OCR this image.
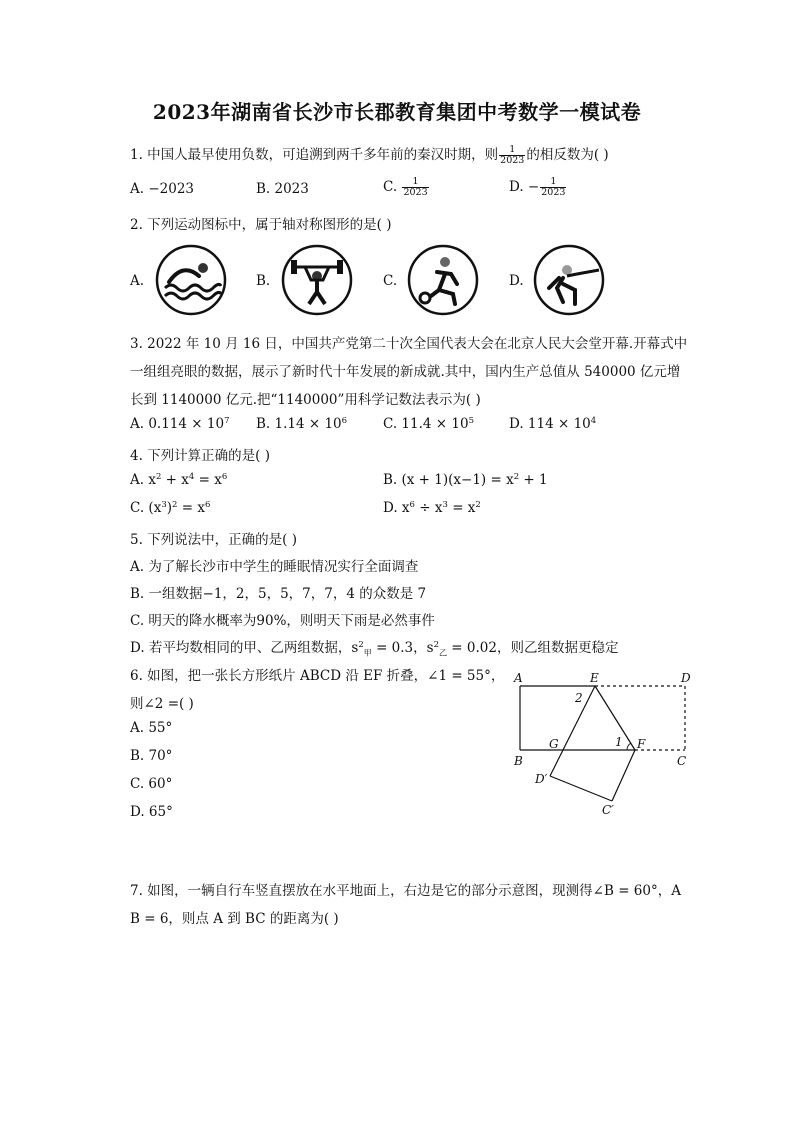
2023年湖南省长沙市长郡教育集团中考数学一模试卷
1. 中国人最早使用负数，可追溯到两千多年前的秦汉时期，则 $\frac{1}{2023}$ 的相反数为( )
A. −2023	B. 2023	C. $\frac{1}{2023}$	D. − $\frac{1}{2023}$
2. 下列运动图标中，属于轴对称图形的是( )
A.	B.	C.	D.
3. 2022 年 10 月 16 日，中国共产党第二十次全国代表大会在北京人民大会堂开幕.开幕式中
一组组亮眼的数据，展示了新时代十年发展的新成就.其中，国内生产总值从 540000 亿元增
长到 1140000 亿元.把“1140000”用科学记数法表示为( )
A. $0.114 \times 10^7$ B. $1.14 \times 10^6$	C. $11.4 \times 10^5$	D. $114 \times 10^4$
4. 下列计算正确的是( )
A. $x^2 + x^4 = x^6$	B. $(x + 1)(x-1) = x^2 + 1$
C. $(x^3)^2 = x^6$	D. $x^6 \div x^3 = x^2$
5. 下列说法中，正确的是( )
A. 为了解长沙市中学生的睡眠情况实行全面调查
B. 一组数据−1，2，5，5，7，7，4 的众数是 7
C. 明天的降水概率为90%，则明天下雨是必然事件
D. 若平均数相同的甲、乙两组数据，$s^2_甲 = 0.3$，$s^2_乙 = 0.02$，则乙组数据更稳定
6. 如图，把一张长方形纸片 ABCD 沿 EF 折叠，∠1 = 55°，
则∠2 =( )
A. 55°
B. 70°
C. 60°
D. 65°
A	E	D
B	C
G	F
D′
C′
1
2
7. 如图，一辆自行车竖直摆放在水平地面上，右边是它的部分示意图，现测得∠B = 60°，A
B = 6，则点 A 到 BC 的距离为( )
